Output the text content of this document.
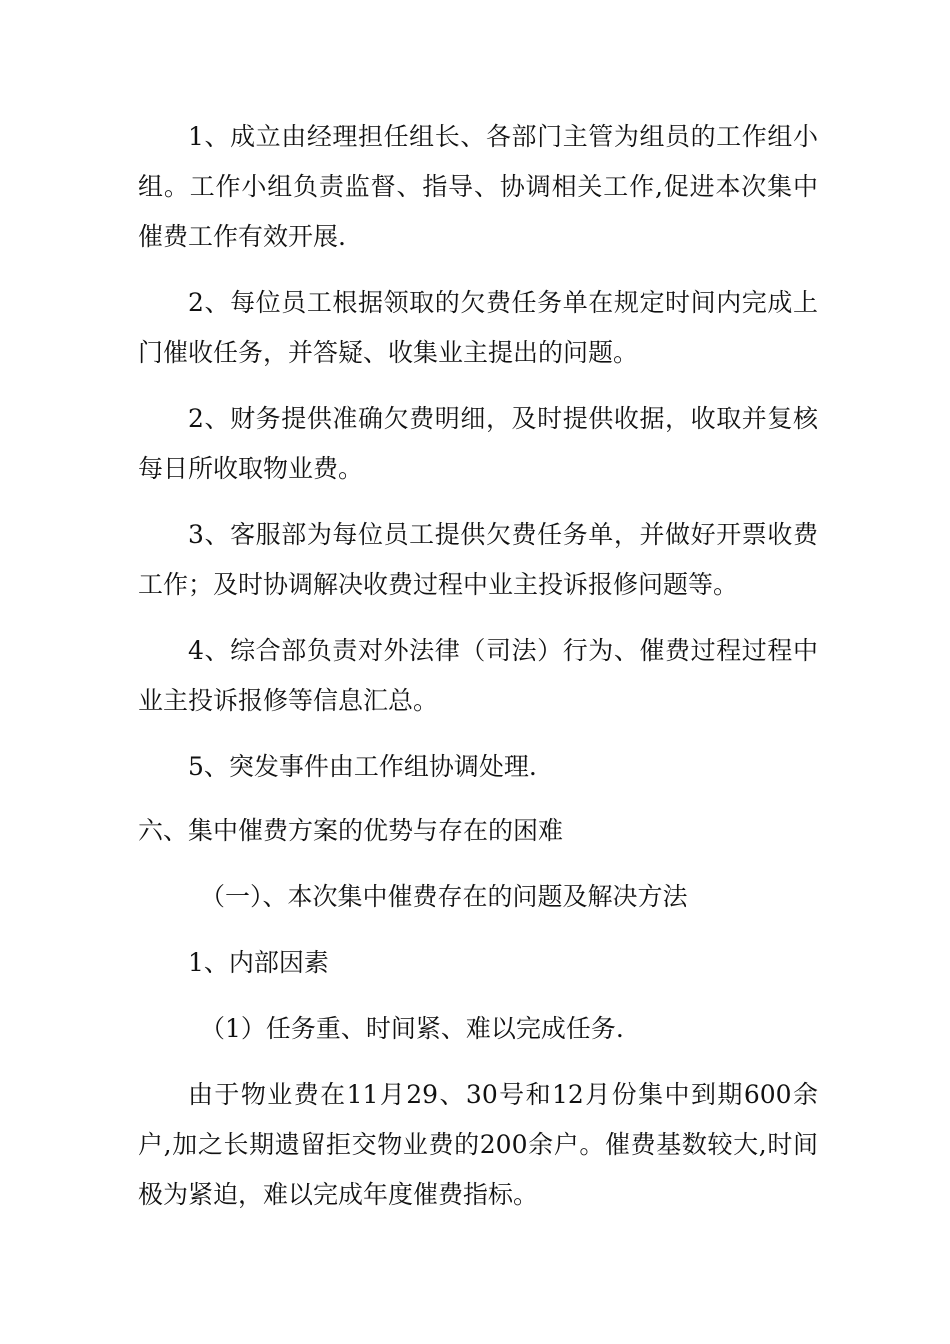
1、成立由经理担任组长、各部门主管为组员的工作组小组。工作小组负责监督、指导、协调相关工作,促进本次集中催费工作有效开展.

2、每位员工根据领取的欠费任务单在规定时间内完成上门催收任务，并答疑、收集业主提出的问题。

2、财务提供准确欠费明细，及时提供收据，收取并复核每日所收取物业费。

3、客服部为每位员工提供欠费任务单，并做好开票收费工作；及时协调解决收费过程中业主投诉报修问题等。

4、综合部负责对外法律（司法）行为、催费过程过程中业主投诉报修等信息汇总。

5、突发事件由工作组协调处理.

六、集中催费方案的优势与存在的困难

（一）、本次集中催费存在的问题及解决方法

1、内部因素

（1）任务重、时间紧、难以完成任务.

由于物业费在11月29、30号和12月份集中到期600余户,加之长期遗留拒交物业费的200余户。催费基数较大,时间极为紧迫，难以完成年度催费指标。
